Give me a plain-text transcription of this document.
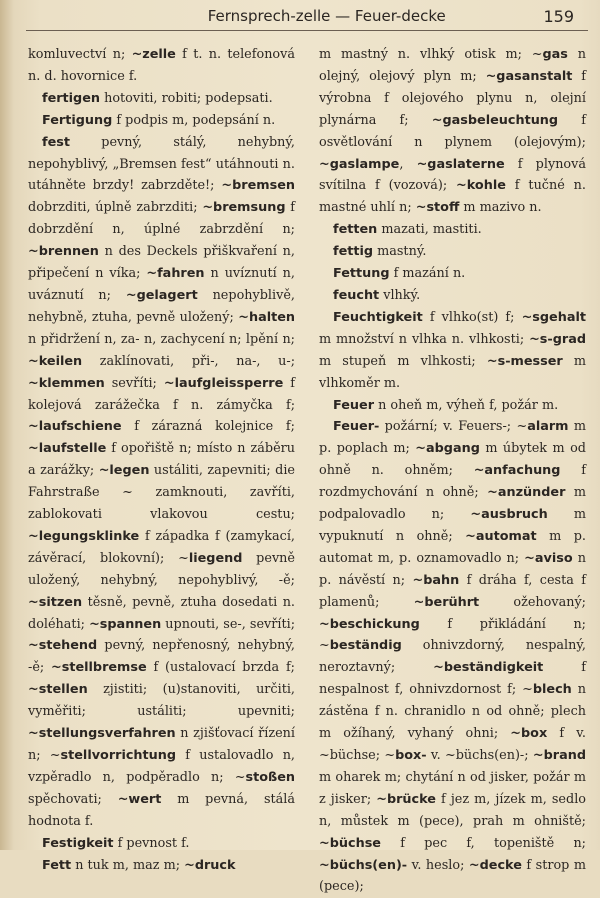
Fernsprech-zelle — Feuer-decke	159

komluvectví n; ~zelle f t. n. telefonová n. d. hovornice f.

fertigen hotoviti, robiti; podepsati.

Fertigung f podpis m, podepsání n.

fest pevný, stálý, nehybný, nepohyblivý, „Bremsen fest“ utáhnouti n. utáhněte brzdy! zabrzděte!; ~bremsen dobrzditi, úplně zabrzditi; ~bremsung f dobrzdění n, úplné zabrzdění n; ~brennen n des Deckels přiškvaření n, připečení n víka; ~fahren n uvíznutí n, uváznutí n; ~gelagert nepohyblivě, nehybně, ztuha, pevně uložený; ~halten n přidržení n, za- n, zachycení n; lpění n; ~keilen zaklínovati, při-, na-, u-; ~klemmen sevříti; ~laufgleissperre f kolejová zarážečka f n. zámyčka f; ~laufschiene f zárazná kolejnice f; ~laufstelle f opořiště n; místo n záběru a zarážky; ~legen ustáliti, zapevniti; die Fahrstraße ~ zamknouti, zavříti, zablokovati vlakovou cestu; ~legungsklinke f západka f (zamykací, závěrací, blokovní); ~liegend pevně uložený, nehybný, nepohyblivý, -ě; ~sitzen těsně, pevně, ztuha dosedati n. doléhati; ~spannen upnouti, se-, sevříti; ~stehend pevný, nepřenosný, nehybný, -ě; ~stellbremse f (ustalovací brzda f; ~stellen zjistiti; (u)stanoviti, určiti, vyměřiti; ustáliti; upevniti; ~stellungsverfahren n zjišťovací řízení n; ~stellvorrichtung f ustalovadlo n, vzpěradlo n, podpěradlo n; ~stoßen spěchovati; ~wert m pevná, stálá hodnota f.

Festigkeit f pevnost f.

Fett n tuk m, maz m; ~druck

m mastný n. vlhký otisk m; ~gas n olejný, olejový plyn m; ~gasanstalt f výrobna f olejového plynu n, olejní plynárna f; ~gasbeleuchtung f osvětlování n plynem (olejovým); ~gaslampe, ~gaslaterne f plynová svítilna f (vozová); ~kohle f tučné n. mastné uhlí n; ~stoff m mazivo n.

fetten mazati, mastiti.

fettig mastný.

Fettung f mazání n.

feucht vlhký.

Feuchtigkeit f vlhko(st) f; ~sgehalt m množství n vlhka n. vlhkosti; ~s-grad m stupeň m vlhkosti; ~s-messer m vlhkoměr m.

Feuer n oheň m, výheň f, požár m.

Feuer- požární; v. Feuers-; ~alarm m p. poplach m; ~abgang m úbytek m od ohně n. ohněm; ~anfachung f rozdmychování n ohně; ~anzünder m podpalovadlo n; ~ausbruch m vypuknutí n ohně; ~automat m p. automat m, p. oznamovadlo n; ~aviso n p. návěstí n; ~bahn f dráha f, cesta f plamenů; ~berührt ožehovaný; ~beschickung f přikládání n; ~beständig ohnivzdorný, nespalný, neroztavný; ~beständigkeit f nespalnost f, ohnivzdornost f; ~blech n zástěna f n. chranidlo n od ohně; plech m ožíhaný, vyhaný ohni; ~box f v. ~büchse; ~box- v. ~büchs(en)-; ~brand m oharek m; chytání n od jisker, požár m z jisker; ~brücke f jez m, jízek m, sedlo n, můstek m (pece), prah m ohniště; ~büchse f pec f, topeniště n; ~büchs(en)- v. heslo; ~decke f strop m (pece);
